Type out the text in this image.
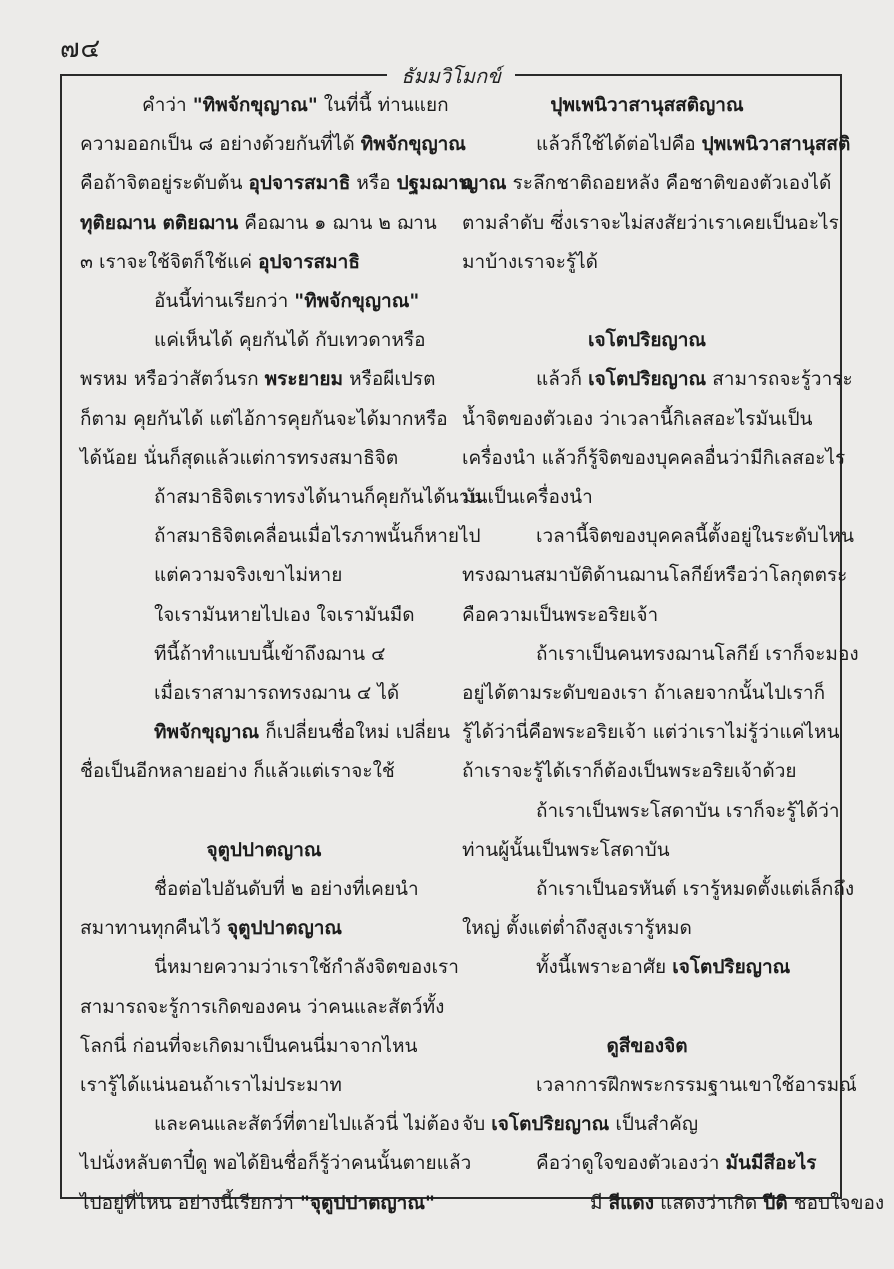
๗๔
ธัมมวิโมกข์
คำว่า "ทิพจักขุญาณ" ในที่นี้ ท่านแยก
ความออกเป็น ๘ อย่างด้วยกันที่ได้ ทิพจักขุญาณ
คือถ้าจิตอยู่ระดับต้น อุปจารสมาธิ หรือ ปฐมฌาน
ทุติยฌาน ตติยฌาน คือฌาน ๑ ฌาน ๒ ฌาน
๓ เราจะใช้จิตก็ใช้แค่ อุปจารสมาธิ
อันนี้ท่านเรียกว่า "ทิพจักขุญาณ"
แค่เห็นได้ คุยกันได้ กับเทวดาหรือ
พรหม หรือว่าสัตว์นรก พระยายม หรือผีเปรต
ก็ตาม คุยกันได้ แต่ไอ้การคุยกันจะได้มากหรือ
ได้น้อย นั่นก็สุดแล้วแต่การทรงสมาธิจิต
ถ้าสมาธิจิตเราทรงได้นานก็คุยกันได้นาน
ถ้าสมาธิจิตเคลื่อนเมื่อไรภาพนั้นก็หายไป
แต่ความจริงเขาไม่หาย
ใจเรามันหายไปเอง ใจเรามันมืด
ทีนี้ถ้าทำแบบนี้เข้าถึงฌาน ๔
เมื่อเราสามารถทรงฌาน ๔ ได้
ทิพจักขุญาณ ก็เปลี่ยนชื่อใหม่ เปลี่ยน
ชื่อเป็นอีกหลายอย่าง ก็แล้วแต่เราจะใช้
จุตูปปาตญาณ
ชื่อต่อไปอันดับที่ ๒ อย่างที่เคยนำ
สมาทานทุกคืนไว้ จุตูปปาตญาณ
นี่หมายความว่าเราใช้กำลังจิตของเรา
สามารถจะรู้การเกิดของคน ว่าคนและสัตว์ทั้ง
โลกนี่ ก่อนที่จะเกิดมาเป็นคนนี่มาจากไหน
เรารู้ได้แน่นอนถ้าเราไม่ประมาท
และคนและสัตว์ที่ตายไปแล้วนี่ ไม่ต้อง
ไปนั่งหลับตาปี๋ดู พอได้ยินชื่อก็รู้ว่าคนนั้นตายแล้ว
ไปอยู่ที่ไหน อย่างนี้เรียกว่า "จุตูปปาตญาณ"
ปุพเพนิวาสานุสสติญาณ
แล้วก็ใช้ได้ต่อไปคือ ปุพเพนิวาสานุสสติ
ญาณ ระลึกชาติถอยหลัง คือชาติของตัวเองได้
ตามลำดับ ซึ่งเราจะไม่สงสัยว่าเราเคยเป็นอะไร
มาบ้างเราจะรู้ได้
เจโตปริยญาณ
แล้วก็ เจโตปริยญาณ สามารถจะรู้วาระ
น้ำจิตของตัวเอง ว่าเวลานี้กิเลสอะไรมันเป็น
เครื่องนำ แล้วก็รู้จิตของบุคคลอื่นว่ามีกิเลสอะไร
มันเป็นเครื่องนำ
เวลานี้จิตของบุคคลนี้ตั้งอยู่ในระดับไหน
ทรงฌานสมาบัติด้านฌานโลกีย์หรือว่าโลกุตตระ
คือความเป็นพระอริยเจ้า
ถ้าเราเป็นคนทรงฌานโลกีย์ เราก็จะมอง
อยู่ได้ตามระดับของเรา ถ้าเลยจากนั้นไปเราก็
รู้ได้ว่านี่คือพระอริยเจ้า แต่ว่าเราไม่รู้ว่าแค่ไหน
ถ้าเราจะรู้ได้เราก็ต้องเป็นพระอริยเจ้าด้วย
ถ้าเราเป็นพระโสดาบัน เราก็จะรู้ได้ว่า
ท่านผู้นั้นเป็นพระโสดาบัน
ถ้าเราเป็นอรหันต์ เรารู้หมดตั้งแต่เล็กถึง
ใหญ่ ตั้งแต่ต่ำถึงสูงเรารู้หมด
ทั้งนี้เพราะอาศัย เจโตปริยญาณ
ดูสีของจิต
เวลาการฝึกพระกรรมฐานเขาใช้อารมณ์
จับ เจโตปริยญาณ เป็นสำคัญ
คือว่าดูใจของตัวเองว่า มันมีสีอะไร
มี สีแดง แสดงว่าเกิด ปีติ ชอบใจของ
